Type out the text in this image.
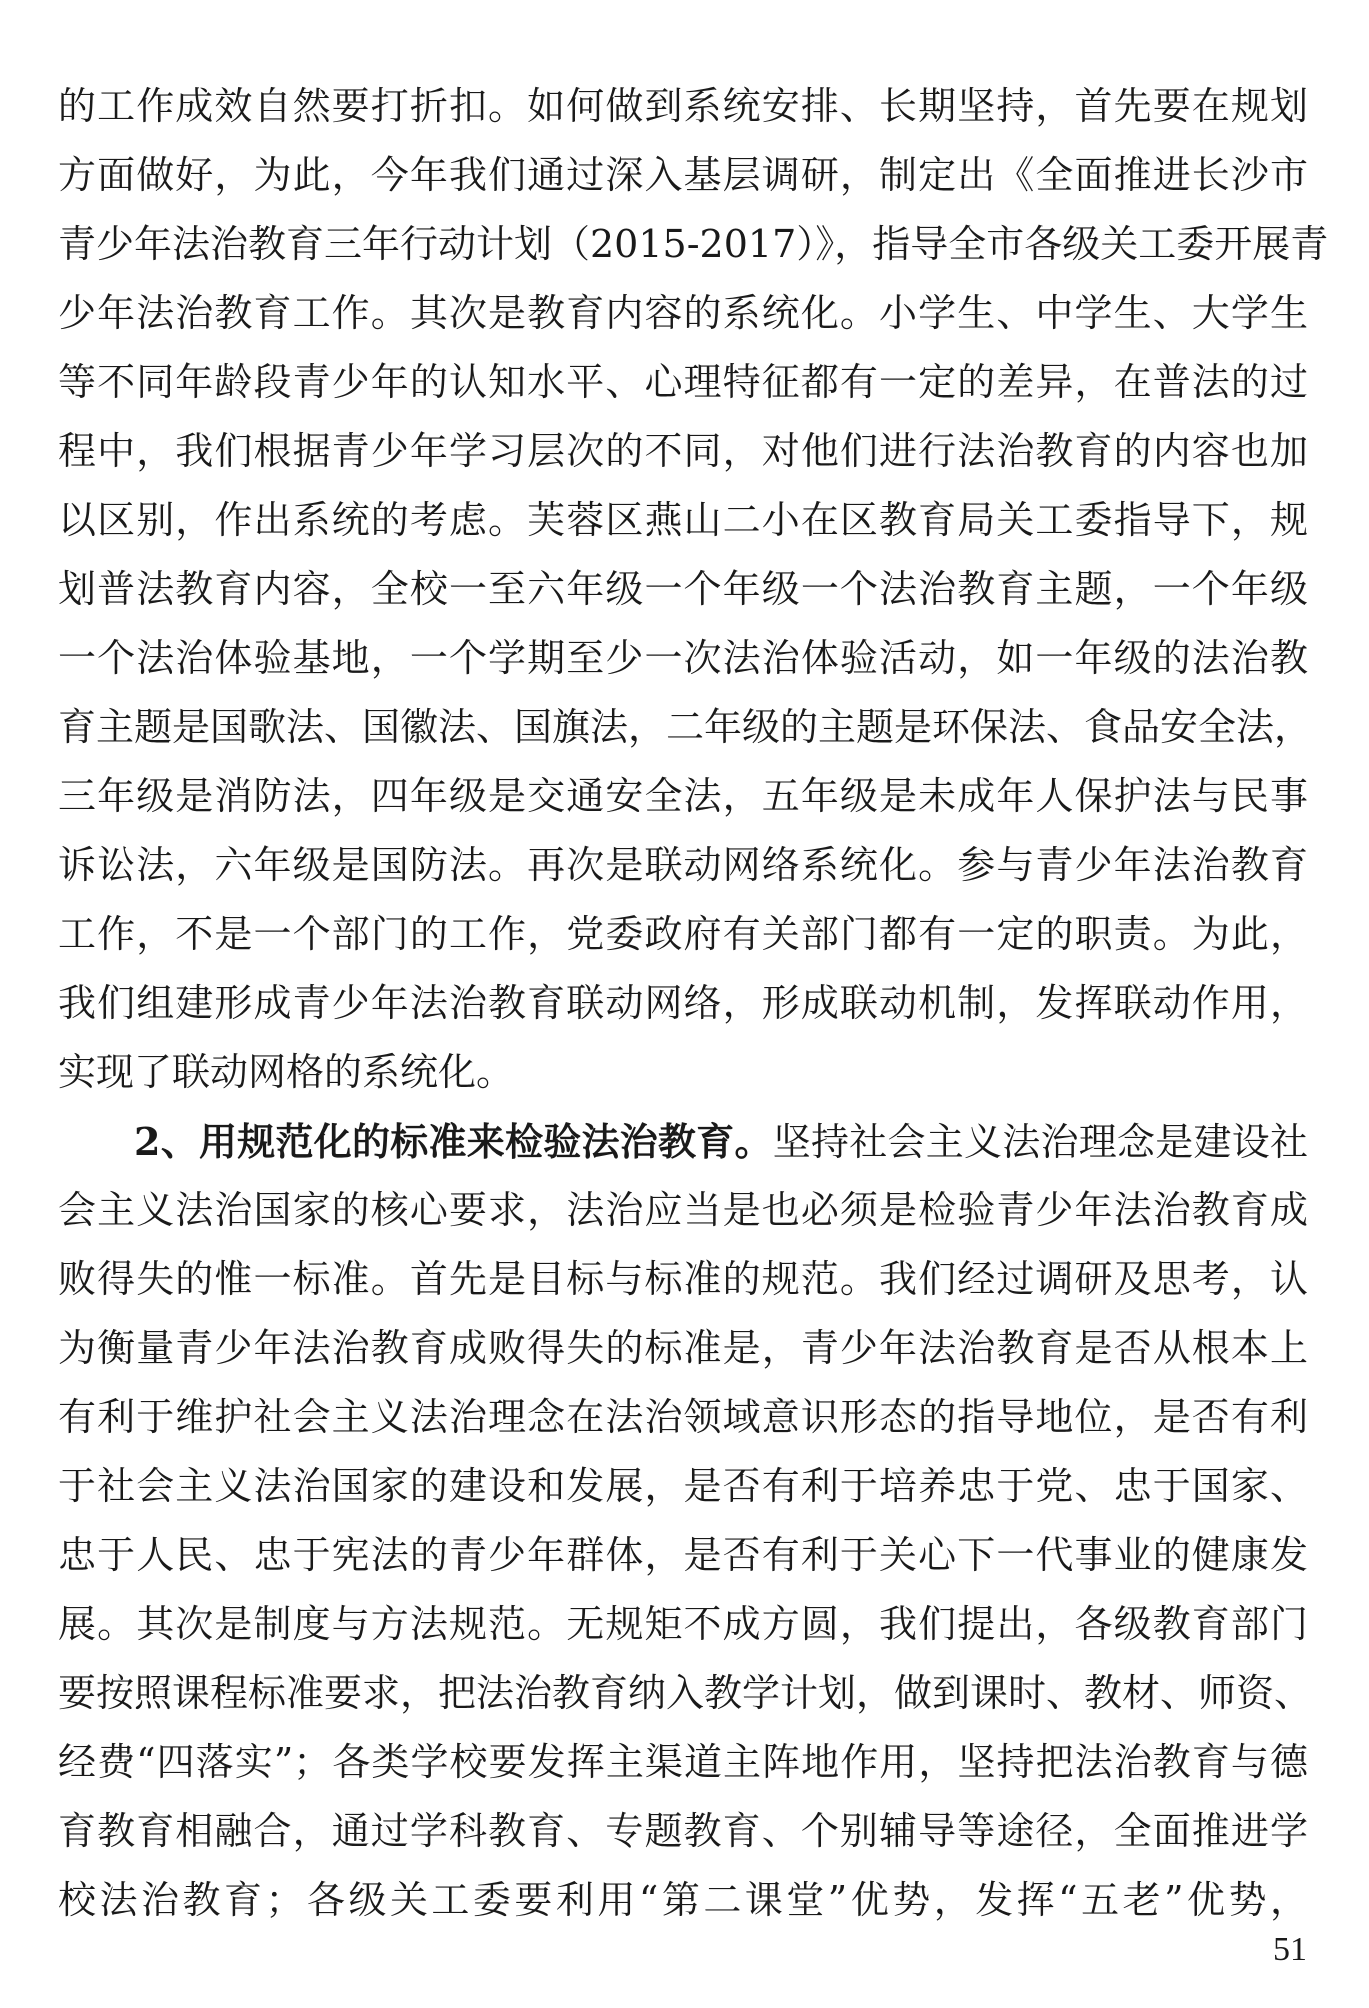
的工作成效自然要打折扣。如何做到系统安排、长期坚持，首先要在规划
方面做好，为此，今年我们通过深入基层调研，制定出《全面推进长沙市
青少年法治教育三年行动计划（2015-2017）》，指导全市各级关工委开展青
少年法治教育工作。其次是教育内容的系统化。小学生、中学生、大学生
等不同年龄段青少年的认知水平、心理特征都有一定的差异，在普法的过
程中，我们根据青少年学习层次的不同，对他们进行法治教育的内容也加
以区别，作出系统的考虑。芙蓉区燕山二小在区教育局关工委指导下，规
划普法教育内容，全校一至六年级一个年级一个法治教育主题，一个年级
一个法治体验基地，一个学期至少一次法治体验活动，如一年级的法治教
育主题是国歌法、国徽法、国旗法，二年级的主题是环保法、食品安全法，
三年级是消防法，四年级是交通安全法，五年级是未成年人保护法与民事
诉讼法，六年级是国防法。再次是联动网络系统化。参与青少年法治教育
工作，不是一个部门的工作，党委政府有关部门都有一定的职责。为此，
我们组建形成青少年法治教育联动网络，形成联动机制，发挥联动作用，
实现了联动网格的系统化。
2、用规范化的标准来检验法治教育。坚持社会主义法治理念是建设社
会主义法治国家的核心要求，法治应当是也必须是检验青少年法治教育成
败得失的惟一标准。首先是目标与标准的规范。我们经过调研及思考，认
为衡量青少年法治教育成败得失的标准是，青少年法治教育是否从根本上
有利于维护社会主义法治理念在法治领域意识形态的指导地位，是否有利
于社会主义法治国家的建设和发展，是否有利于培养忠于党、忠于国家、
忠于人民、忠于宪法的青少年群体，是否有利于关心下一代事业的健康发
展。其次是制度与方法规范。无规矩不成方圆，我们提出，各级教育部门
要按照课程标准要求，把法治教育纳入教学计划，做到课时、教材、师资、
经费“四落实”；各类学校要发挥主渠道主阵地作用，坚持把法治教育与德
育教育相融合，通过学科教育、专题教育、个别辅导等途径，全面推进学
校法治教育；各级关工委要利用“第二课堂”优势，发挥“五老”优势，
51
